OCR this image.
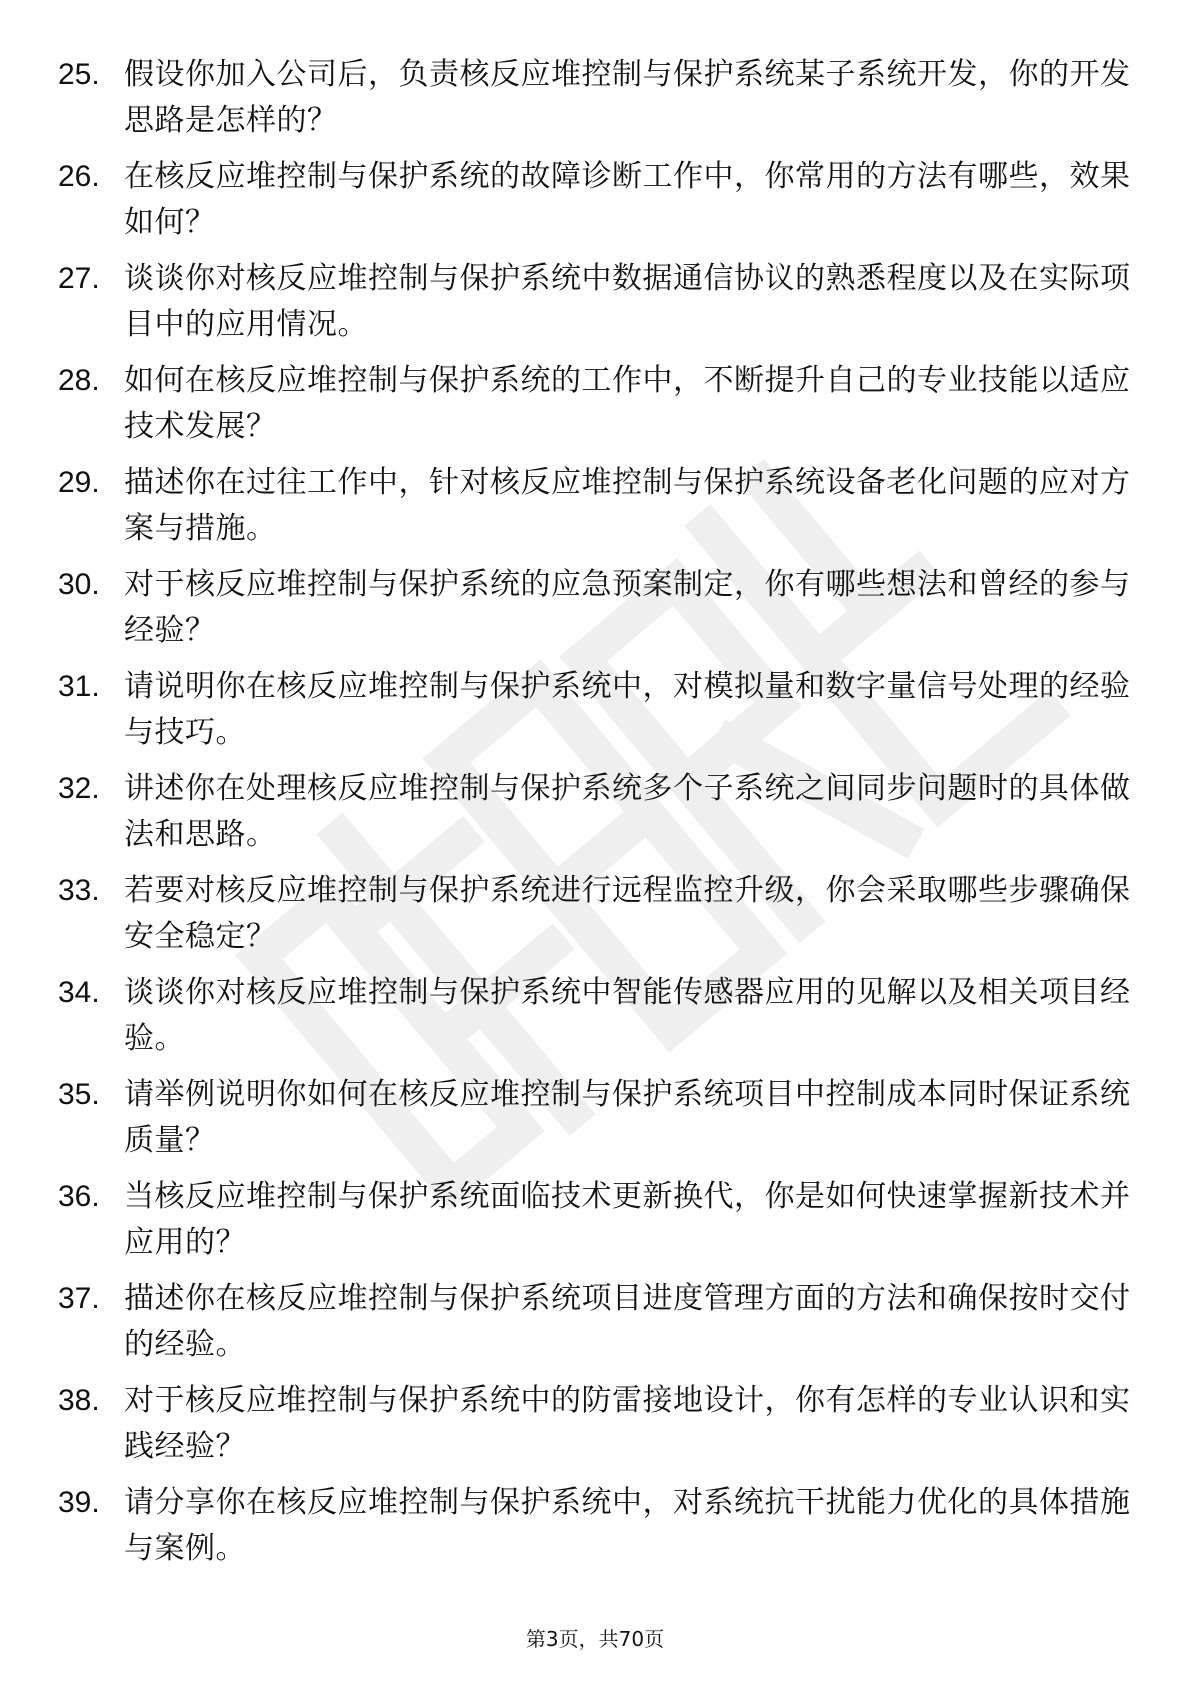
25. 假设你加入公司后，负责核反应堆控制与保护系统某子系统开发，你的开发思路是怎样的？
26. 在核反应堆控制与保护系统的故障诊断工作中，你常用的方法有哪些，效果如何？
27. 谈谈你对核反应堆控制与保护系统中数据通信协议的熟悉程度以及在实际项目中的应用情况。
28. 如何在核反应堆控制与保护系统的工作中，不断提升自己的专业技能以适应技术发展？
29. 描述你在过往工作中，针对核反应堆控制与保护系统设备老化问题的应对方案与措施。
30. 对于核反应堆控制与保护系统的应急预案制定，你有哪些想法和曾经的参与经验？
31. 请说明你在核反应堆控制与保护系统中，对模拟量和数字量信号处理的经验与技巧。
32. 讲述你在处理核反应堆控制与保护系统多个子系统之间同步问题时的具体做法和思路。
33. 若要对核反应堆控制与保护系统进行远程监控升级，你会采取哪些步骤确保安全稳定？
34. 谈谈你对核反应堆控制与保护系统中智能传感器应用的见解以及相关项目经验。
35. 请举例说明你如何在核反应堆控制与保护系统项目中控制成本同时保证系统质量？
36. 当核反应堆控制与保护系统面临技术更新换代，你是如何快速掌握新技术并应用的？
37. 描述你在核反应堆控制与保护系统项目进度管理方面的方法和确保按时交付的经验。
38. 对于核反应堆控制与保护系统中的防雷接地设计，你有怎样的专业认识和实践经验？
39. 请分享你在核反应堆控制与保护系统中，对系统抗干扰能力优化的具体措施与案例。
第3页，共70页
